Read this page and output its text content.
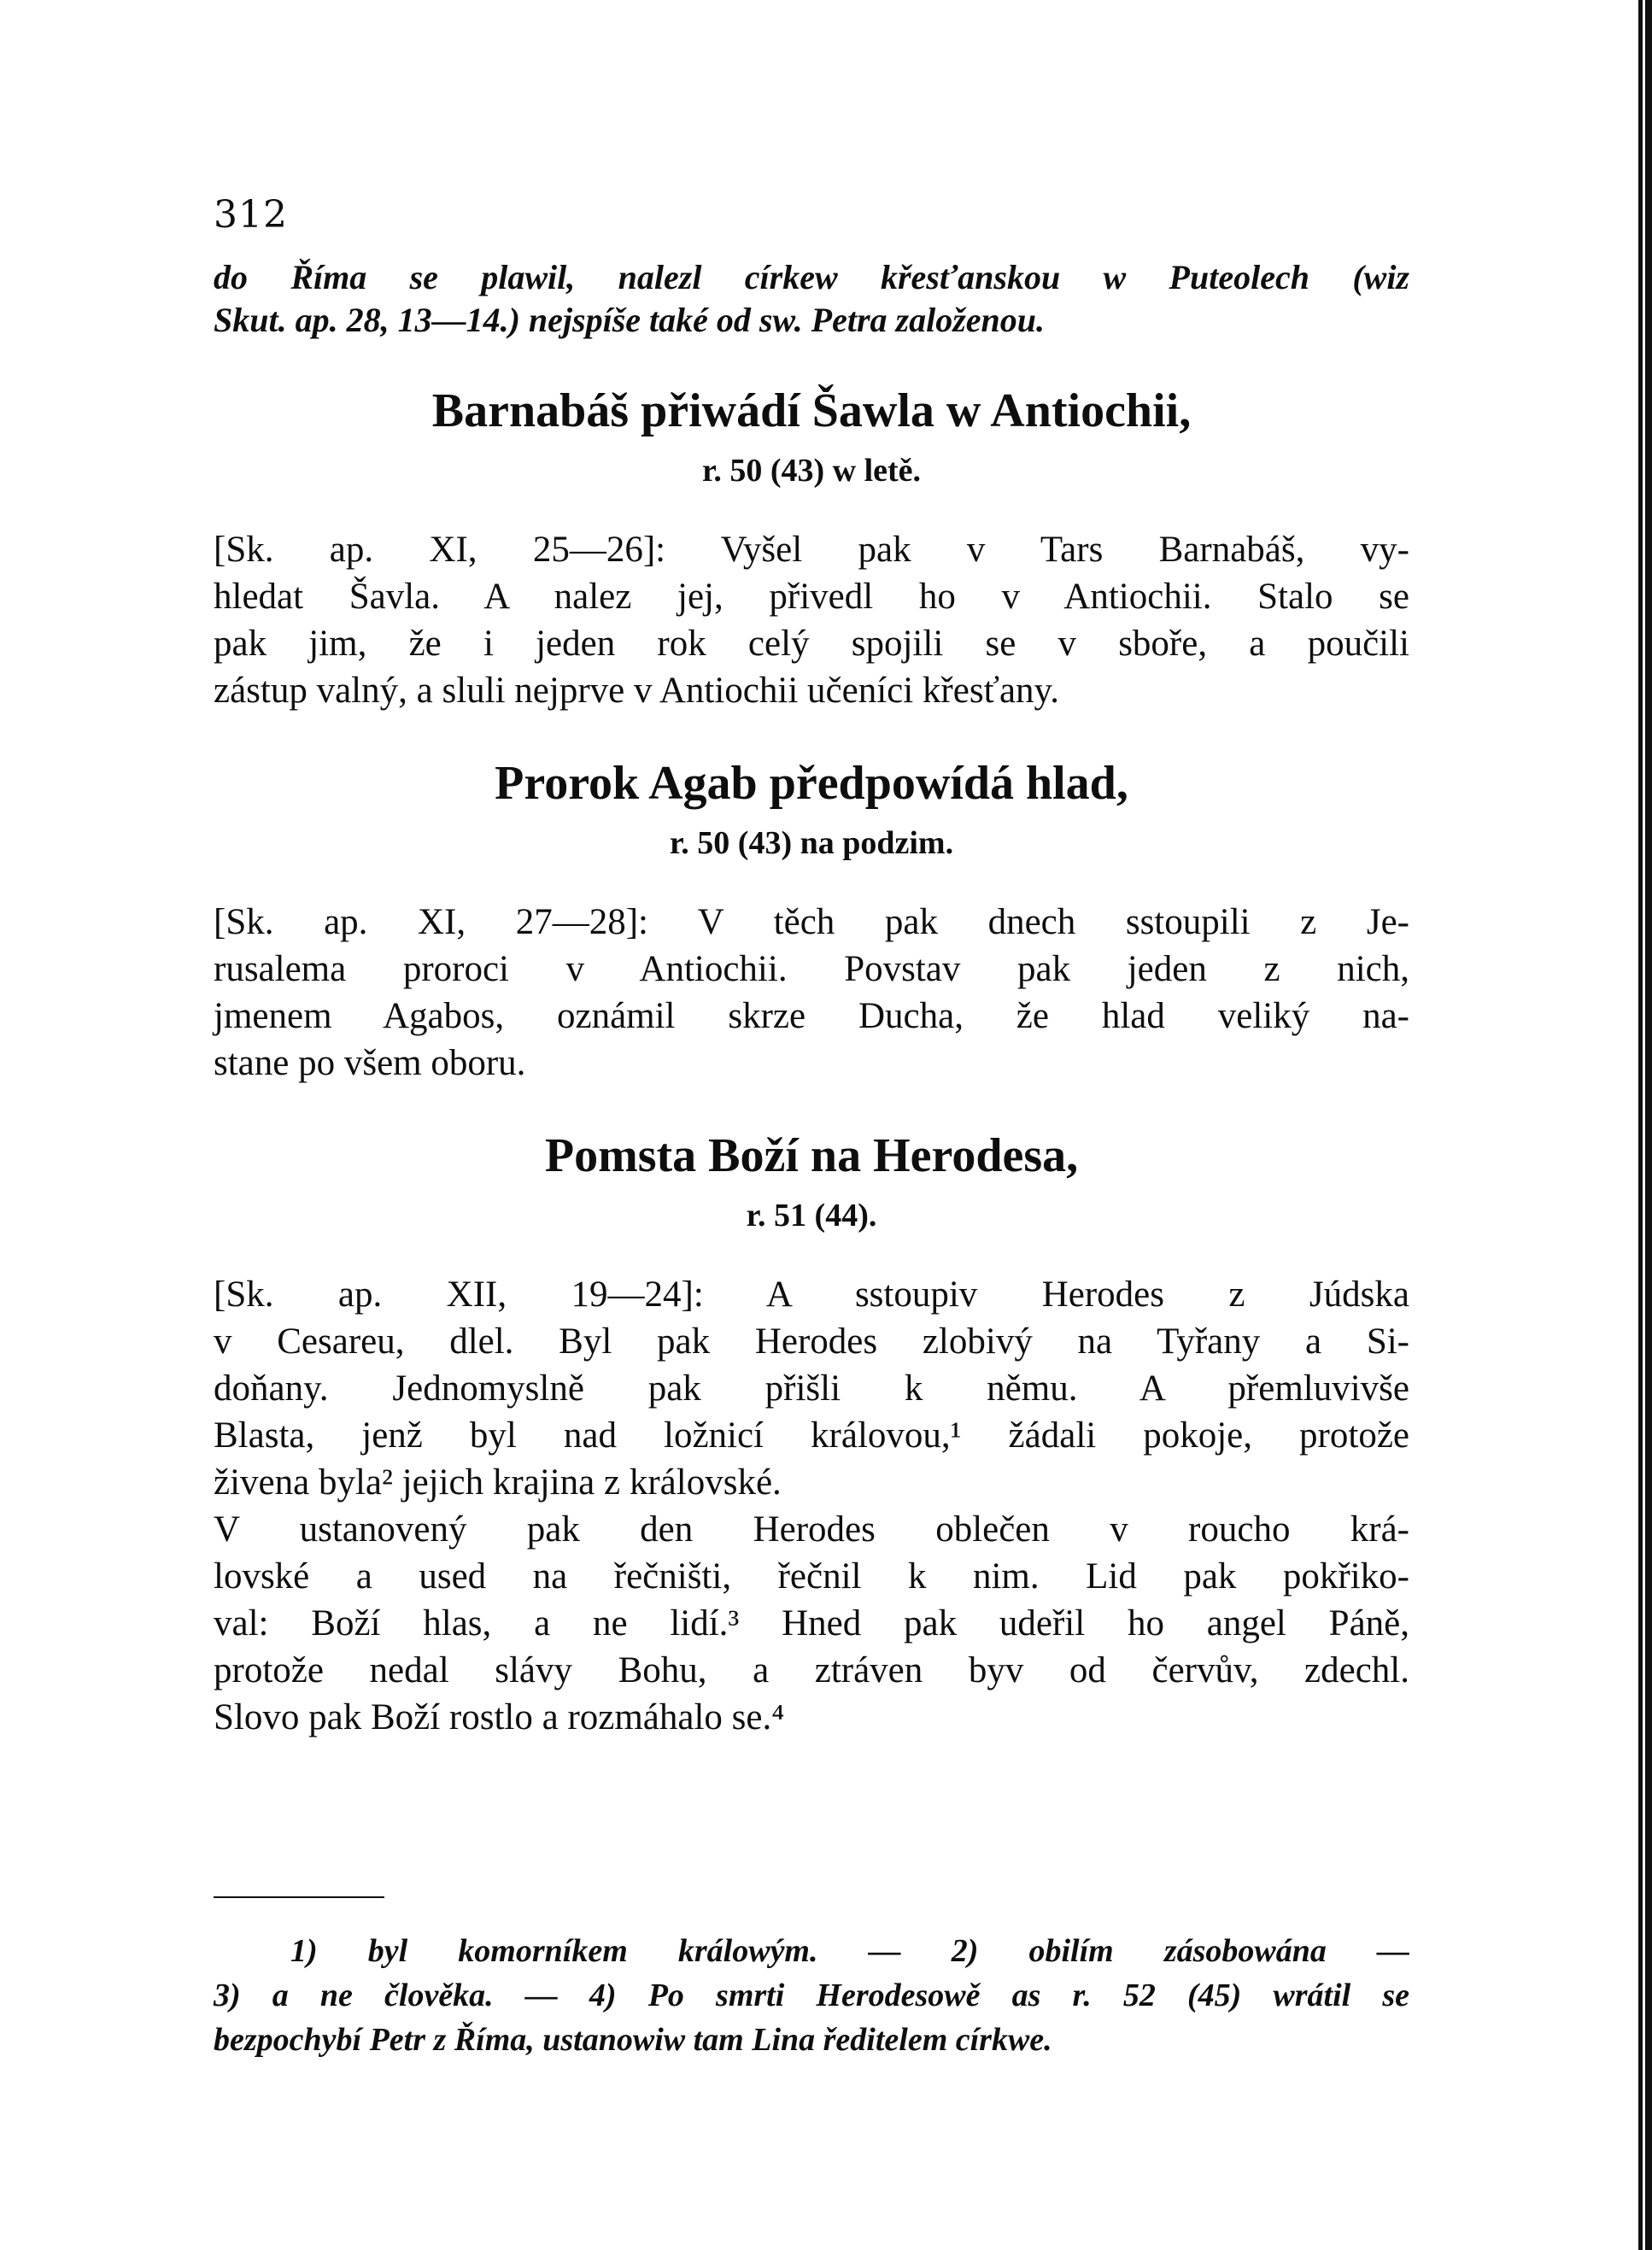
312
do Říma se plawil, nalezl církew křesťanskou w Puteolech (wiz
Skut. ap. 28, 13—14.) nejspíše také od sw. Petra založenou.
Barnabáš přiwádí Šawla w Antiochii,
r. 50 (43) w letě.
[Sk. ap. XI, 25—26]: Vyšel pak v Tars Barnabáš, vy-
hledat Šavla. A nalez jej, přivedl ho v Antiochii. Stalo se
pak jim, že i jeden rok celý spojili se v sboře, a poučili
zástup valný, a sluli nejprve v Antiochii učeníci křesťany.
Prorok Agab předpowídá hlad,
r. 50 (43) na podzim.
[Sk. ap. XI, 27—28]: V těch pak dnech sstoupili z Je-
rusalema proroci v Antiochii. Povstav pak jeden z nich,
jmenem Agabos, oznámil skrze Ducha, že hlad veliký na-
stane po všem oboru.
Pomsta Boží na Herodesa,
r. 51 (44).
[Sk. ap. XII, 19—24]: A sstoupiv Herodes z Júdska
v Cesareu, dlel. Byl pak Herodes zlobivý na Tyřany a Si-
doňany. Jednomyslně pak přišli k němu. A přemluvivše
Blasta, jenž byl nad ložnicí královou,¹ žádali pokoje, protože
živena byla² jejich krajina z královské.
V ustanovený pak den Herodes oblečen v roucho krá-
lovské a used na řečništi, řečnil k nim. Lid pak pokřiko-
val: Boží hlas, a ne lidí.³ Hned pak udeřil ho angel Páně,
protože nedal slávy Bohu, a ztráven byv od červův, zdechl.
Slovo pak Boží rostlo a rozmáhalo se.⁴
1) byl komorníkem králowým. — 2) obilím zásobowána —
3) a ne člověka. — 4) Po smrti Herodesowě as r. 52 (45) wrátil se
bezpochybí Petr z Říma, ustanowiw tam Lina ředitelem církwe.
